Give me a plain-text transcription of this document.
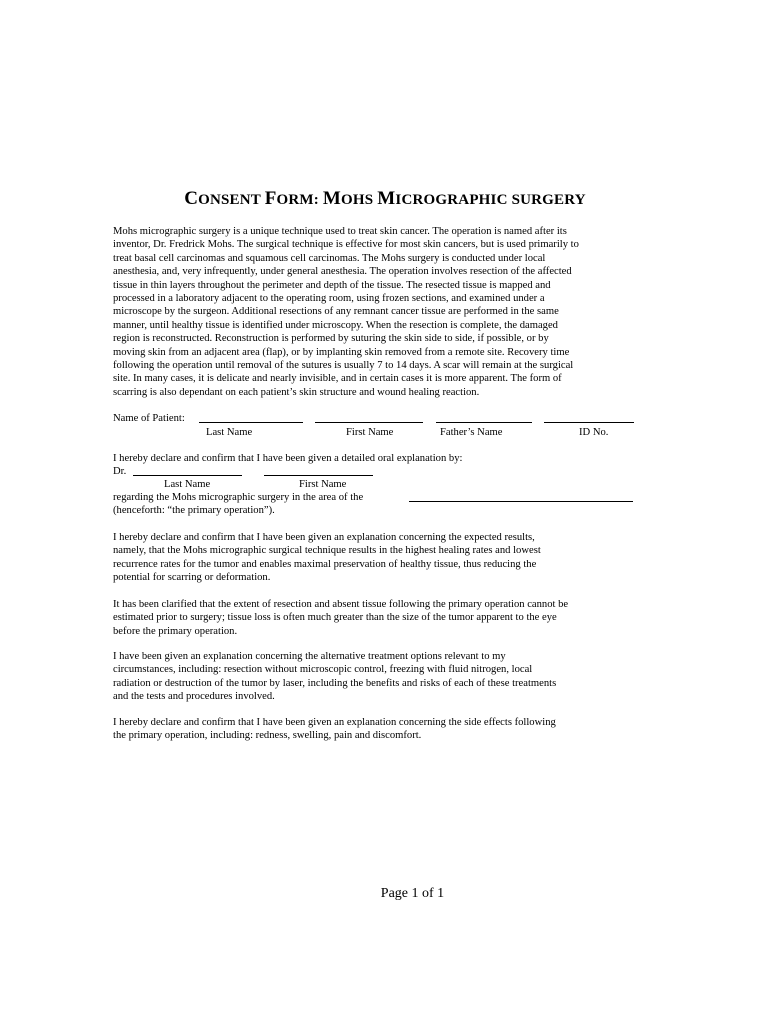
CONSENT FORM: MOHS MICROGRAPHIC SURGERY
Mohs micrographic surgery is a unique technique used to treat skin cancer. The operation is named after its
inventor, Dr. Fredrick Mohs. The surgical technique is effective for most skin cancers, but is used primarily to
treat basal cell carcinomas and squamous cell carcinomas. The Mohs surgery is conducted under local
anesthesia, and, very infrequently, under general anesthesia. The operation involves resection of the affected
tissue in thin layers throughout the perimeter and depth of the tissue. The resected tissue is mapped and
processed in a laboratory adjacent to the operating room, using frozen sections, and examined under a
microscope by the surgeon. Additional resections of any remnant cancer tissue are performed in the same
manner, until healthy tissue is identified under microscopy. When the resection is complete, the damaged
region is reconstructed. Reconstruction is performed by suturing the skin side to side, if possible, or by
moving skin from an adjacent area (flap), or by implanting skin removed from a remote site. Recovery time
following the operation until removal of the sutures is usually 7 to 14 days. A scar will remain at the surgical
site. In many cases, it is delicate and nearly invisible, and in certain cases it is more apparent. The form of
scarring is also dependant on each patient’s skin structure and wound healing reaction.
Name of Patient:
Last Name	First Name	Father’s Name	ID No.
I hereby declare and confirm that I have been given a detailed oral explanation by:
Dr.
Last Name	First Name
regarding the Mohs micrographic surgery in the area of the
(henceforth: “the primary operation”).
I hereby declare and confirm that I have been given an explanation concerning the expected results,
namely, that the Mohs micrographic surgical technique results in the highest healing rates and lowest
recurrence rates for the tumor and enables maximal preservation of healthy tissue, thus reducing the
potential for scarring or deformation.
It has been clarified that the extent of resection and absent tissue following the primary operation cannot be
estimated prior to surgery; tissue loss is often much greater than the size of the tumor apparent to the eye
before the primary operation.
I have been given an explanation concerning the alternative treatment options relevant to my
circumstances, including: resection without microscopic control, freezing with fluid nitrogen, local
radiation or destruction of the tumor by laser, including the benefits and risks of each of these treatments
and the tests and procedures involved.
I hereby declare and confirm that I have been given an explanation concerning the side effects following
the primary operation, including: redness, swelling, pain and discomfort.
Page 1 of 1
